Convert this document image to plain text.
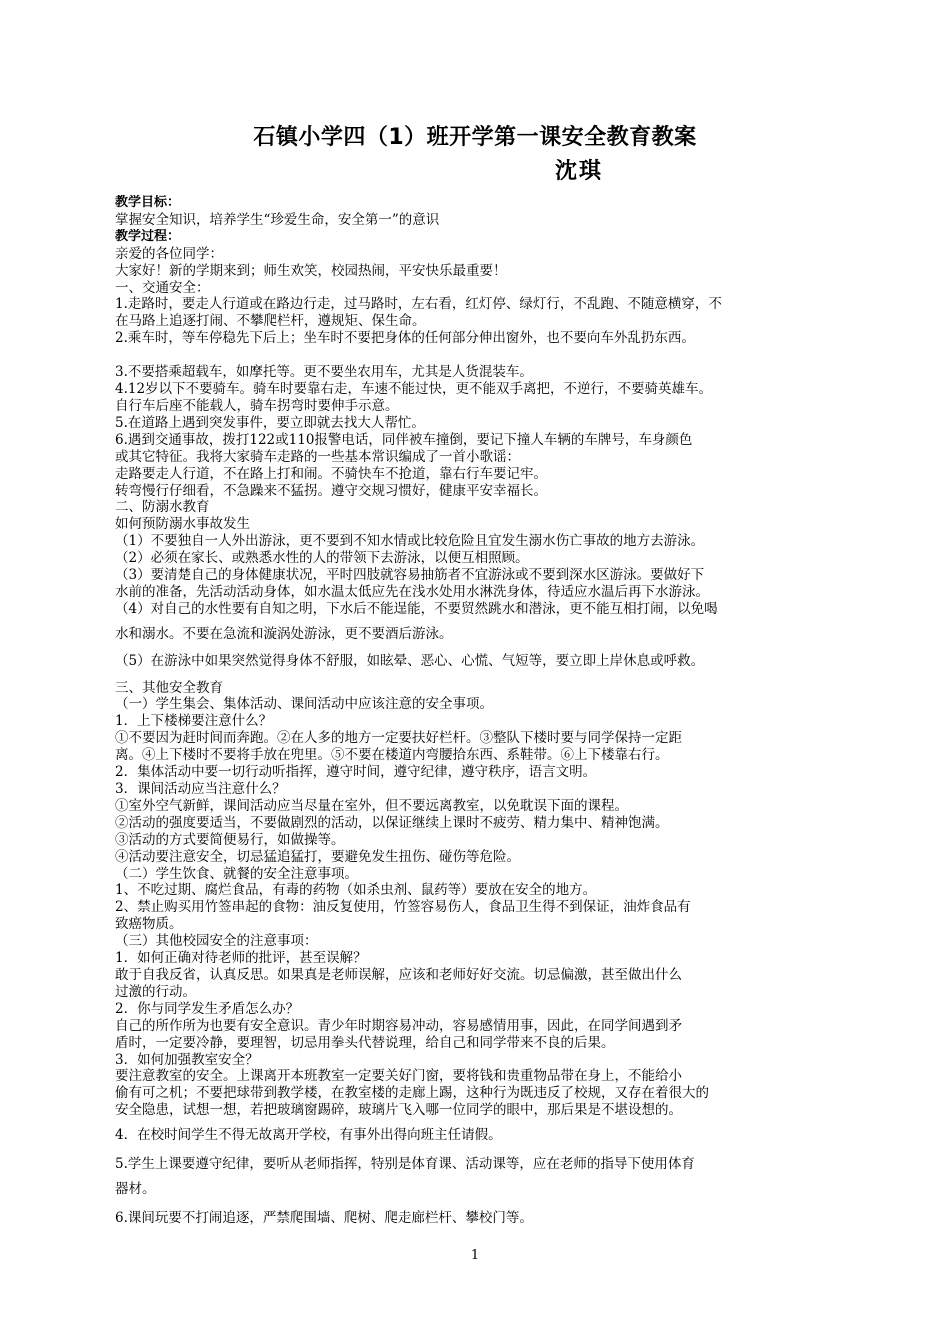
石镇小学四（1）班开学第一课安全教育教案
沈琪
教学目标：
掌握安全知识，培养学生“珍爱生命，安全第一”的意识
教学过程：
亲爱的各位同学：
大家好！新的学期来到；师生欢笑，校园热闹，平安快乐最重要！
一、交通安全：
1.走路时，要走人行道或在路边行走，过马路时，左右看，红灯停、绿灯行，不乱跑、不随意横穿，不
在马路上追逐打闹、不攀爬栏杆，遵规矩、保生命。
2.乘车时，等车停稳先下后上；坐车时不要把身体的任何部分伸出窗外，也不要向车外乱扔东西。
3.不要搭乘超载车，如摩托等。更不要坐农用车，尤其是人货混装车。
4.12岁以下不要骑车。骑车时要靠右走，车速不能过快，更不能双手离把，不逆行，不要骑英雄车。
自行车后座不能载人，骑车拐弯时要伸手示意。
5.在道路上遇到突发事件，要立即就去找大人帮忙。
6.遇到交通事故，拨打122或110报警电话，同伴被车撞倒，要记下撞人车辆的车牌号，车身颜色
或其它特征。我将大家骑车走路的一些基本常识编成了一首小歌谣：
走路要走人行道，不在路上打和闹。不骑快车不抢道，靠右行车要记牢。
转弯慢行仔细看，不急躁来不猛拐。遵守交规习惯好，健康平安幸福长。
二、防溺水教育
如何预防溺水事故发生
（1）不要独自一人外出游泳，更不要到不知水情或比较危险且宜发生溺水伤亡事故的地方去游泳。
（2）必须在家长、或熟悉水性的人的带领下去游泳，以便互相照顾。
（3）要清楚自己的身体健康状况，平时四肢就容易抽筋者不宜游泳或不要到深水区游泳。要做好下
水前的准备，先活动活动身体，如水温太低应先在浅水处用水淋洗身体，待适应水温后再下水游泳。
（4）对自己的水性要有自知之明，下水后不能逞能，不要贸然跳水和潜泳，更不能互相打闹，以免喝
水和溺水。不要在急流和漩涡处游泳，更不要酒后游泳。
（5）在游泳中如果突然觉得身体不舒服，如眩晕、恶心、心慌、气短等，要立即上岸休息或呼救。
三、其他安全教育
（一）学生集会、集体活动、课间活动中应该注意的安全事项。
1．上下楼梯要注意什么？
①不要因为赶时间而奔跑。②在人多的地方一定要扶好栏杆。③整队下楼时要与同学保持一定距
离。④上下楼时不要将手放在兜里。⑤不要在楼道内弯腰拾东西、系鞋带。⑥上下楼靠右行。
2．集体活动中要一切行动听指挥，遵守时间，遵守纪律，遵守秩序，语言文明。
3．课间活动应当注意什么？
①室外空气新鲜，课间活动应当尽量在室外，但不要远离教室，以免耽误下面的课程。
②活动的强度要适当，不要做剧烈的活动，以保证继续上课时不疲劳、精力集中、精神饱满。
③活动的方式要简便易行，如做操等。
④活动要注意安全，切忌猛追猛打，要避免发生扭伤、碰伤等危险。
（二）学生饮食、就餐的安全注意事项。
1、不吃过期、腐烂食品，有毒的药物（如杀虫剂、鼠药等）要放在安全的地方。
2、禁止购买用竹签串起的食物：油反复使用，竹签容易伤人，食品卫生得不到保证，油炸食品有
致癌物质。
（三）其他校园安全的注意事项：
1．如何正确对待老师的批评，甚至误解？
敢于自我反省，认真反思。如果真是老师误解，应该和老师好好交流。切忌偏激，甚至做出什么
过激的行动。
2．你与同学发生矛盾怎么办？
自己的所作所为也要有安全意识。青少年时期容易冲动，容易感情用事，因此，在同学间遇到矛
盾时，一定要冷静，要理智，切忌用拳头代替说理，给自己和同学带来不良的后果。
3．如何加强教室安全？
要注意教室的安全。上课离开本班教室一定要关好门窗，要将钱和贵重物品带在身上，不能给小
偷有可之机；不要把球带到教学楼，在教室楼的走廊上踢，这种行为既违反了校规，又存在着很大的
安全隐患，试想一想，若把玻璃窗踢碎，玻璃片飞入哪一位同学的眼中，那后果是不堪设想的。
4．在校时间学生不得无故离开学校，有事外出得向班主任请假。
5.学生上课要遵守纪律，要听从老师指挥，特别是体育课、活动课等，应在老师的指导下使用体育
器材。
6.课间玩要不打闹追逐，严禁爬围墙、爬树、爬走廊栏杆、攀校门等。
1
